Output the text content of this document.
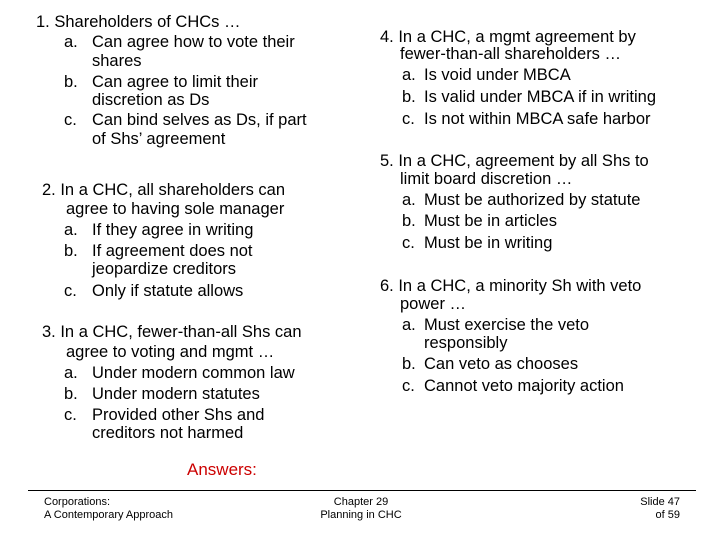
1. Shareholders of CHCs …
a. Can agree how to vote their
shares
b. Can agree to limit their
discretion as Ds
c. Can bind selves as Ds, if part
of Shs’ agreement
2. In a CHC, all shareholders can
agree to having sole manager
a. If they agree in writing
b. If agreement does not
jeopardize creditors
c. Only if statute allows
3. In a CHC, fewer-than-all Shs can
agree to voting and mgmt …
a. Under modern common law
b. Under modern statutes
c. Provided other Shs and
creditors not harmed
4. In a CHC, a mgmt agreement by
fewer-than-all shareholders …
a. Is void under MBCA
b. Is valid under MBCA if in writing
c. Is not within MBCA safe harbor
5. In a CHC, agreement by all Shs to
limit board discretion …
a. Must be authorized by statute
b. Must be in articles
c. Must be in writing
6. In a CHC, a minority Sh with veto
power …
a. Must exercise the veto
responsibly
b. Can veto as chooses
c. Cannot veto majority action
Answers:
Corporations:
A Contemporary Approach
Chapter 29
Planning in CHC
Slide 47
of 59
